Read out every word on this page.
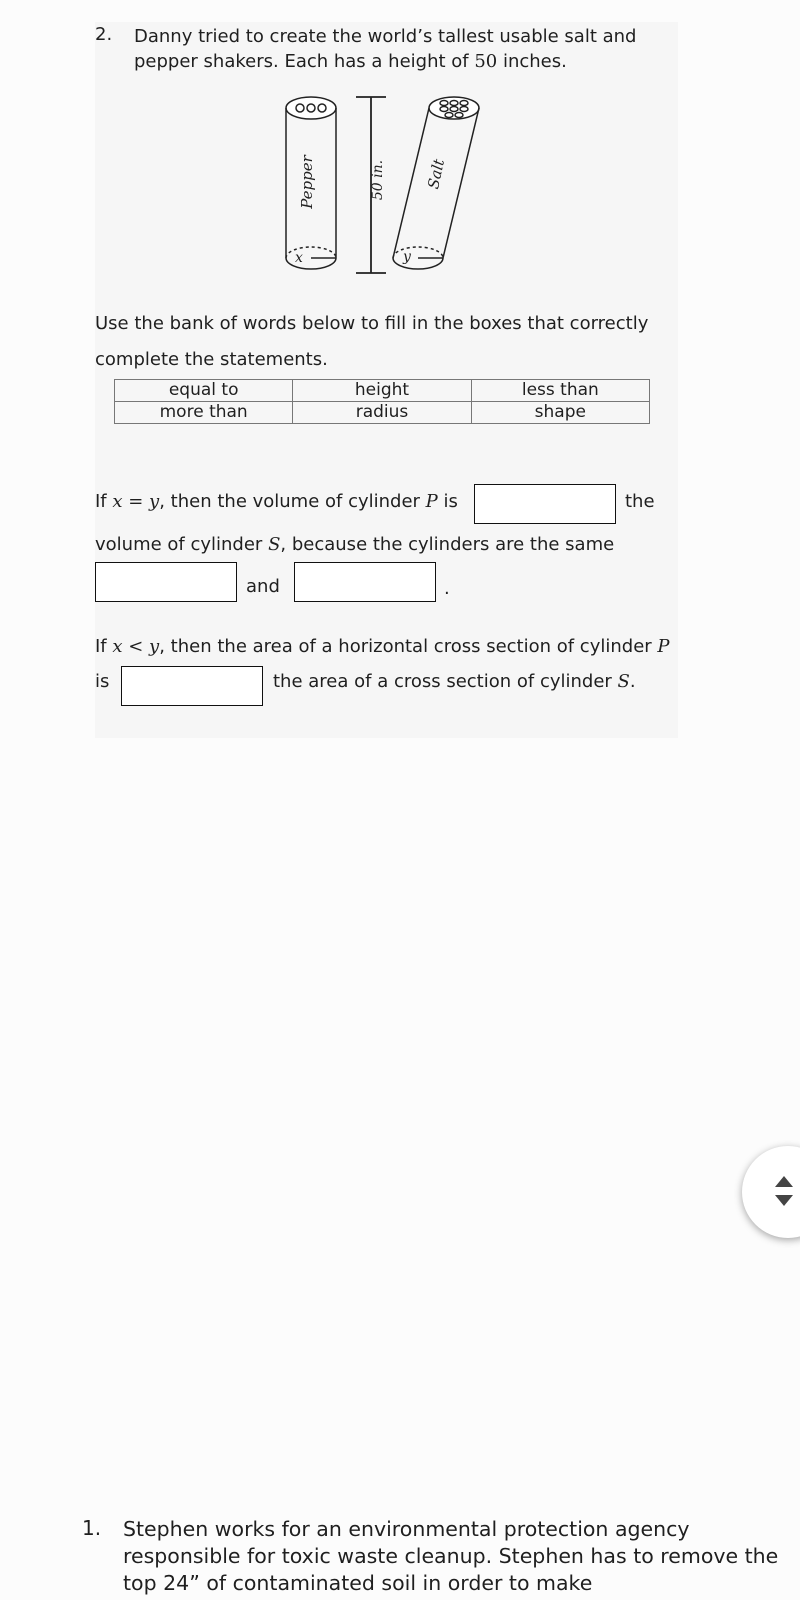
2. Danny tried to create the world’s tallest usable salt and pepper shakers. Each has a height of 50 inches.
Pepper	50 in.	Salt
x	y
Use the bank of words below to fill in the boxes that correctly complete the statements.
equal to	height	less than
more than	radius	shape
If x = y, then the volume of cylinder P is	the
volume of cylinder S, because the cylinders are the same
and	.
If x < y, then the area of a horizontal cross section of cylinder P
is	the area of a cross section of cylinder S.
1. Stephen works for an environmental protection agency responsible for toxic waste cleanup. Stephen has to remove the top 24” of contaminated soil in order to make
